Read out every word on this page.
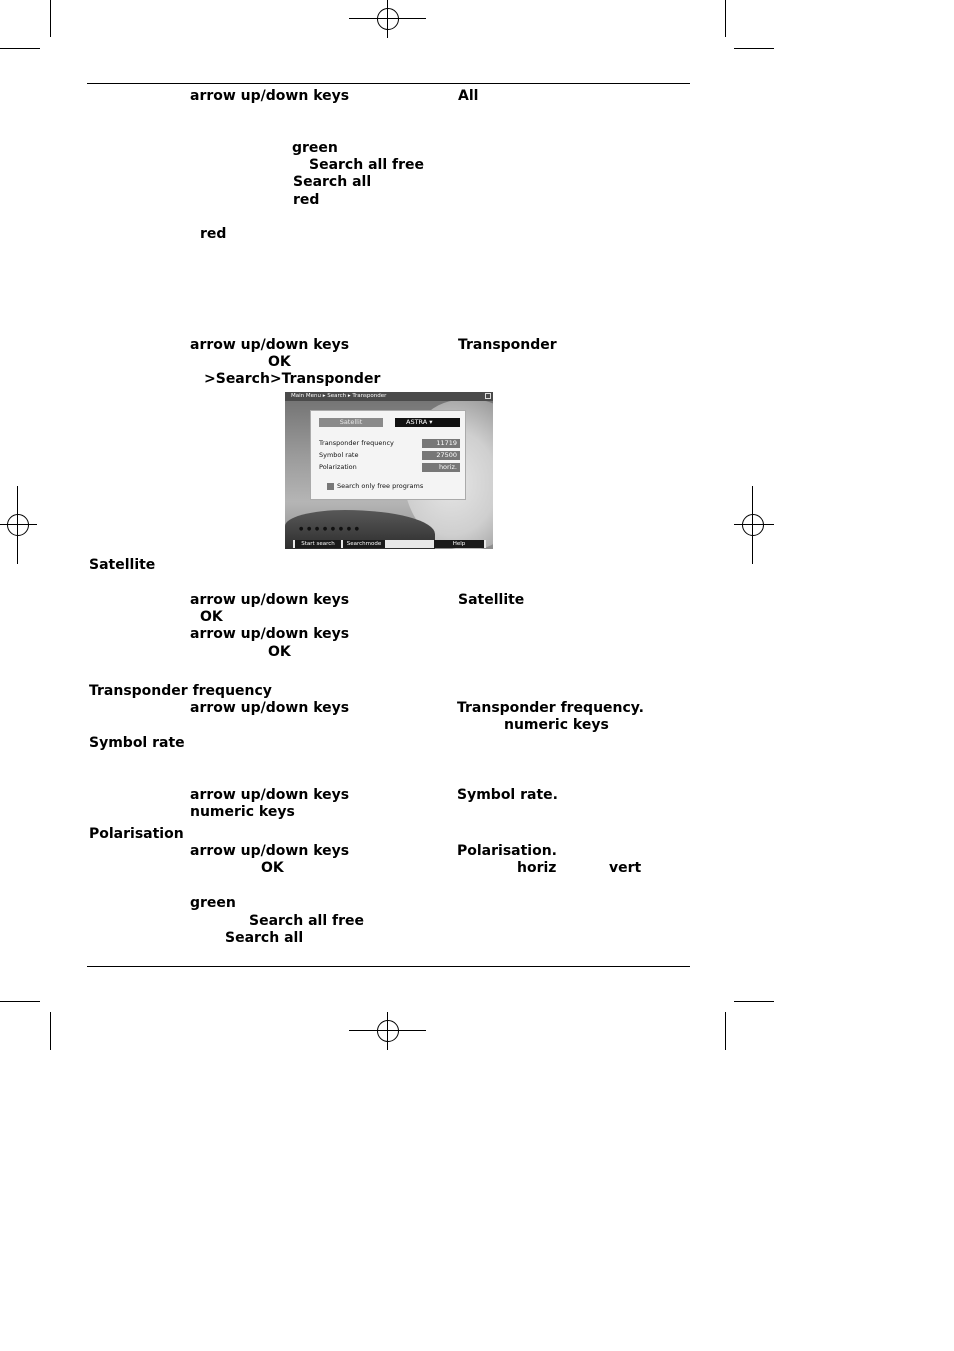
arrow up/down keys	All
green
Search all free
Search all
red
red
arrow up/down keys	Transponder
OK
>Search>Transponder
Satellite
arrow up/down keys	Satellite
OK
arrow up/down keys
OK
Transponder frequency
arrow up/down keys	Transponder frequency.
numeric keys
Symbol rate
arrow up/down keys	Symbol rate.
numeric keys
Polarisation
arrow up/down keys	Polarisation.
OK	horiz	vert
green
Search all free
Search all
Main Menu ▸ Search ▸ Transponder
Satellit	ASTRA ▾
Transponder frequency	11719
Symbol rate	27500
Polarization	horiz.
Search only free programs
● ● ● ● ● ● ● ●
Start search	Searchmode	Help
